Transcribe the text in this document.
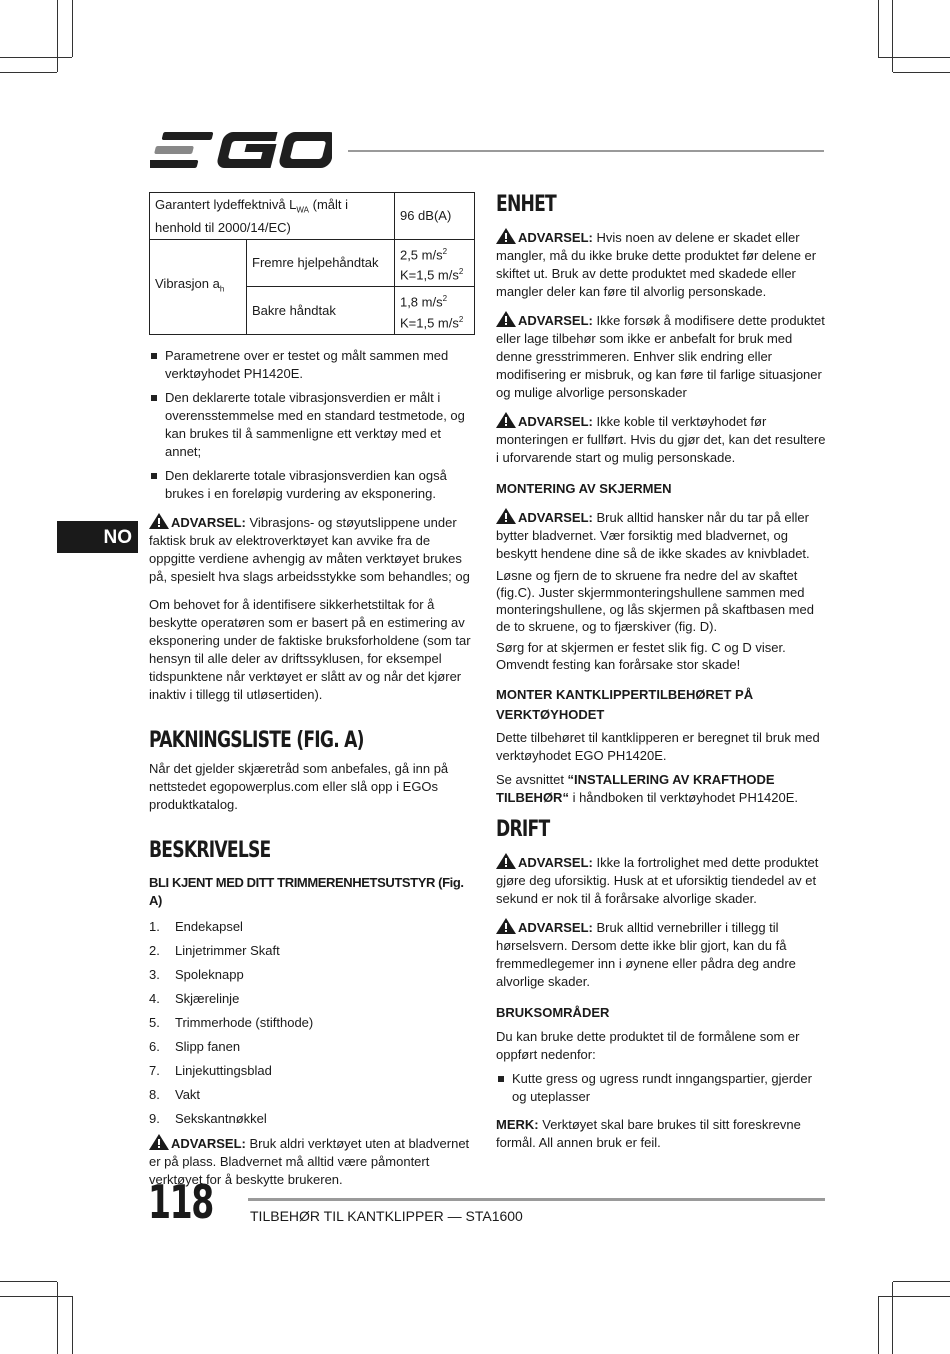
NO
Garantert lydeffektnivå $L_{WA}$ (målt i henhold til 2000/14/EC)		96 dB(A)
Vibrasjon $a_h$	Fremre hjelpehåndtak	2,5 $m/s^2$
K=1,5 $m/s^2$
	Bakre håndtak	1,8 $m/s^2$
K=1,5 $m/s^2$
Parametrene over er testet og målt sammen med verktøyhodet PH1420E.
Den deklarerte totale vibrasjonsverdien er målt i overensstemmelse med en standard testmetode, og kan brukes til å sammenligne ett verktøy med et annet;
Den deklarerte totale vibrasjonsverdien kan også brukes i en foreløpig vurdering av eksponering.

ADVARSEL: Vibrasjons- og støyutslippene under faktisk bruk av elektroverktøyet kan avvike fra de oppgitte verdiene avhengig av måten verktøyet brukes på, spesielt hva slags arbeidsstykke som behandles; og

Om behovet for å identifisere sikkerhetstiltak for å beskytte operatøren som er basert på en estimering av eksponering under de faktiske bruksforholdene (som tar hensyn til alle deler av driftssyklusen, for eksempel tidspunktene når verktøyet er slått av og når det kjører inaktiv i tillegg til utløsertiden).

PAKNINGSLISTE (FIG. A)

Når det gjelder skjæretråd som anbefales, gå inn på nettstedet egopowerplus.com eller slå opp i EGOs produktkatalog.

BESKRIVELSE
BLI KJENT MED DITT TRIMMERENHETSUTSTYR (Fig. A)
1. Endekapsel
2. Linjetrimmer Skaft
3. Spoleknapp
4. Skjærelinje
5. Trimmerhode (stifthode)
6. Slipp fanen
7. Linjekuttingsblad
8. Vakt
9. Sekskantnøkkel

ADVARSEL: Bruk aldri verktøyet uten at bladvernet er på plass. Bladvernet må alltid være påmontert verktøyet for å beskytte brukeren.

ENHET

ADVARSEL: Hvis noen av delene er skadet eller mangler, må du ikke bruke dette produktet før delene er skiftet ut. Bruk av dette produktet med skadede eller mangler deler kan føre til alvorlig personskade.

ADVARSEL: Ikke forsøk å modifisere dette produktet eller lage tilbehør som ikke er anbefalt for bruk med denne gresstrimmeren. Enhver slik endring eller modifisering er misbruk, og kan føre til farlige situasjoner og mulige alvorlige personskader

ADVARSEL: Ikke koble til verktøyhodet før monteringen er fullført. Hvis du gjør det, kan det resultere i uforvarende start og mulig personskade.

MONTERING AV SKJERMEN

ADVARSEL: Bruk alltid hansker når du tar på eller bytter bladvernet. Vær forsiktig med bladvernet, og beskytt hendene dine så de ikke skades av knivbladet.

Løsne og fjern de to skruene fra nedre del av skaftet (fig.C). Juster skjermmonteringshullene sammen med monteringshullene, og lås skjermen på skaftbasen med de to skruene, og to fjærskiver (fig. D).

Sørg for at skjermen er festet slik fig. C og D viser. Omvendt festing kan forårsake stor skade!

MONTER KANTKLIPPERTILBEHØRET PÅ VERKTØYHODET

Dette tilbehøret til kantklipperen er beregnet til bruk med verktøyhodet EGO PH1420E.

Se avsnittet “INSTALLERING AV KRAFTHODE TILBEHØR“ i håndboken til verktøyhodet PH1420E.

DRIFT

ADVARSEL: Ikke la fortrolighet med dette produktet gjøre deg uforsiktig. Husk at et uforsiktig tiendedel av et sekund er nok til å forårsake alvorlige skader.

ADVARSEL: Bruk alltid vernebriller i tillegg til hørselsvern. Dersom dette ikke blir gjort, kan du få fremmedlegemer inn i øynene eller pådra deg andre alvorlige skader.

BRUKSOMRÅDER

Du kan bruke dette produktet til de formålene som er oppført nedenfor:

Kutte gress og ugress rundt inngangspartier, gjerder og uteplasser

MERK: Verktøyet skal bare brukes til sitt foreskrevne formål. All annen bruk er feil.

118	TILBEHØR TIL KANTKLIPPER — STA1600
